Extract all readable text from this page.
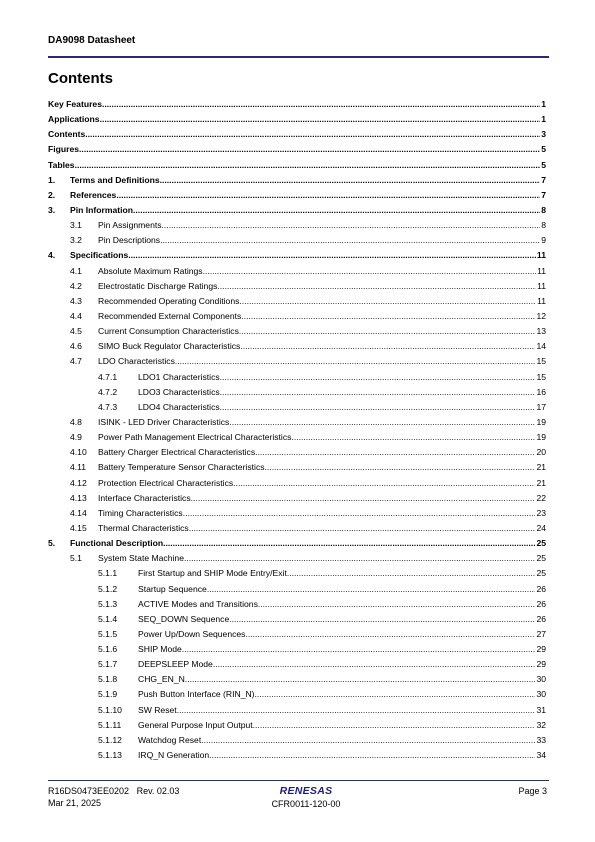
DA9098 Datasheet
Contents
Key Features .....	1
Applications .....	1
Contents .....	3
Figures .....	5
Tables .....	5
1. Terms and Definitions .....	7
2. References .....	7
3. Pin Information .....	8
3.1 Pin Assignments .....	8
3.2 Pin Descriptions .....	9
4. Specifications .....	11
4.1 Absolute Maximum Ratings .....	11
4.2 Electrostatic Discharge Ratings .....	11
4.3 Recommended Operating Conditions .....	11
4.4 Recommended External Components .....	12
4.5 Current Consumption Characteristics .....	13
4.6 SIMO Buck Regulator Characteristics .....	14
4.7 LDO Characteristics .....	15
4.7.1 LDO1 Characteristics .....	15
4.7.2 LDO3 Characteristics .....	16
4.7.3 LDO4 Characteristics .....	17
4.8 ISINK - LED Driver Characteristics .....	19
4.9 Power Path Management Electrical Characteristics .....	19
4.10 Battery Charger Electrical Characteristics .....	20
4.11 Battery Temperature Sensor Characteristics .....	21
4.12 Protection Electrical Characteristics .....	21
4.13 Interface Characteristics .....	22
4.14 Timing Characteristics .....	23
4.15 Thermal Characteristics .....	24
5. Functional Description .....	25
5.1 System State Machine .....	25
5.1.1 First Startup and SHIP Mode Entry/Exit .....	25
5.1.2 Startup Sequence .....	26
5.1.3 ACTIVE Modes and Transitions .....	26
5.1.4 SEQ_DOWN Sequence .....	26
5.1.5 Power Up/Down Sequences .....	27
5.1.6 SHIP Mode .....	29
5.1.7 DEEPSLEEP Mode .....	29
5.1.8 CHG_EN_N .....	30
5.1.9 Push Button Interface (RIN_N) .....	30
5.1.10 SW Reset .....	31
5.1.11 General Purpose Input Output .....	32
5.1.12 Watchdog Reset .....	33
5.1.13 IRQ_N Generation .....	34
R16DS0473EE0202 Rev. 02.03
Mar 21, 2025
RENESAS
CFR0011-120-00
Page 3
